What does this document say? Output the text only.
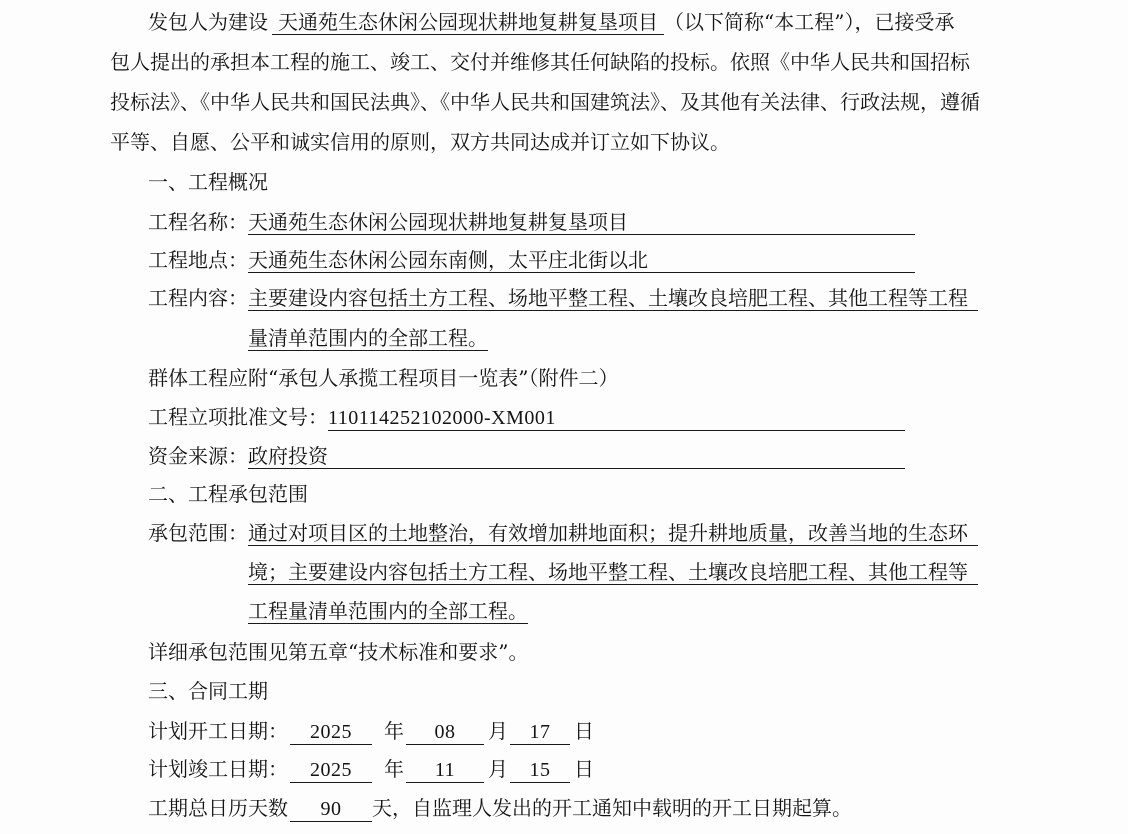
发包人为建设 天通苑生态休闲公园现状耕地复耕复垦项目 （以下简称“本工程”），已接受承
包人提出的承担本工程的施工、竣工、交付并维修其任何缺陷的投标。依照《中华人民共和国招标
投标法》、《中华人民共和国民法典》、《中华人民共和国建筑法》、及其他有关法律、行政法规，遵循
平等、自愿、公平和诚实信用的原则，双方共同达成并订立如下协议。
一、工程概况
工程名称：天通苑生态休闲公园现状耕地复耕复垦项目
工程地点：天通苑生态休闲公园东南侧，太平庄北街以北
工程内容：主要建设内容包括土方工程、场地平整工程、土壤改良培肥工程、其他工程等工程
量清单范围内的全部工程。
群体工程应附“承包人承揽工程项目一览表”（附件二）
工程立项批准文号：110114252102000-XM001
资金来源：政府投资
二、工程承包范围
承包范围：通过对项目区的土地整治，有效增加耕地面积；提升耕地质量，改善当地的生态环
境；主要建设内容包括土方工程、场地平整工程、土壤改良培肥工程、其他工程等
工程量清单范围内的全部工程。
详细承包范围见第五章“技术标准和要求”。
三、合同工期
计划开工日期： 2025 年 08 月 17 日
计划竣工日期： 2025 年 11 月 15 日
工期总日历天数 90 天，自监理人发出的开工通知中载明的开工日期起算。
